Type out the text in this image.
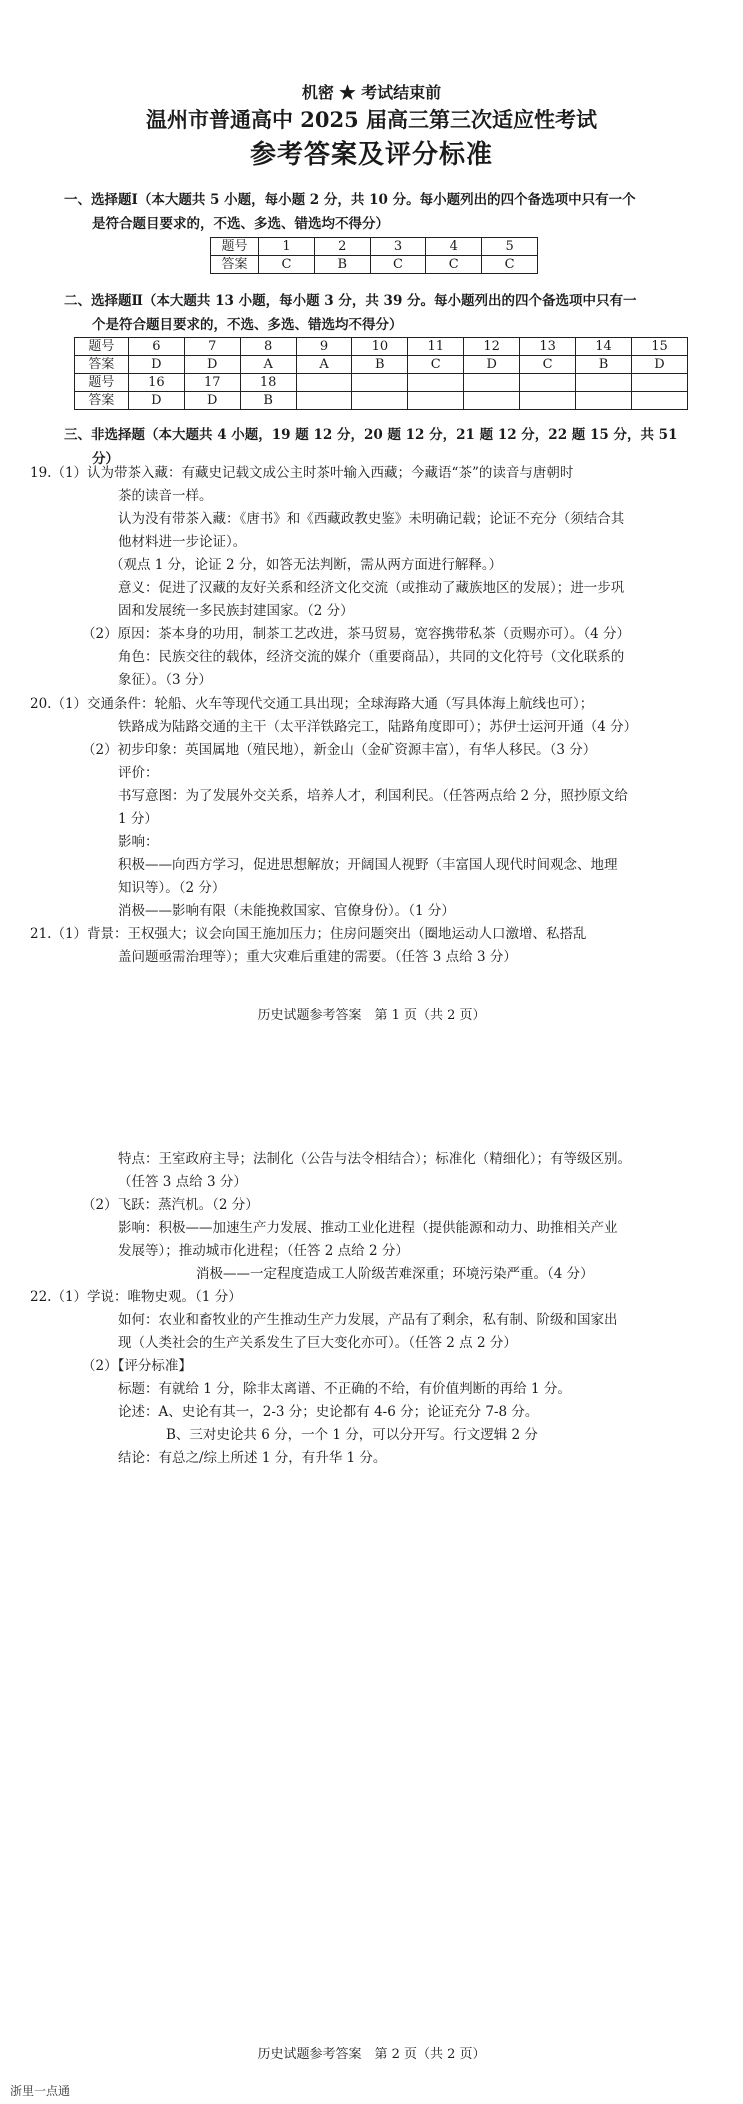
机密 ★ 考试结束前
温州市普通高中 2025 届高三第三次适应性考试
参考答案及评分标准
一、选择题Ⅰ（本大题共 5 小题，每小题 2 分，共 10 分。每小题列出的四个备选项中只有一个
是符合题目要求的，不选、多选、错选均不得分）
题号	1	2	3	4	5
答案	C	B	C	C	C
二、选择题Ⅱ（本大题共 13 小题，每小题 3 分，共 39 分。每小题列出的四个备选项中只有一
个是符合题目要求的，不选、多选、错选均不得分）
题号	6	7	8	9	10	11	12	13	14	15
答案	D	D	A	A	B	C	D	C	B	D
题号	16	17	18							
答案	D	D	B							
三、非选择题（本大题共 4 小题，19 题 12 分，20 题 12 分，21 题 12 分，22 题 15 分，共 51
分）
19.（1）认为带茶入藏：有藏史记载文成公主时茶叶输入西藏；今藏语“茶”的读音与唐朝时
茶的读音一样。
认为没有带茶入藏：《唐书》和《西藏政教史鉴》未明确记载；论证不充分（须结合其
他材料进一步论证）。
（观点 1 分，论证 2 分，如答无法判断，需从两方面进行解释。）
意义：促进了汉藏的友好关系和经济文化交流（或推动了藏族地区的发展）；进一步巩
固和发展统一多民族封建国家。（2 分）
（2）原因：茶本身的功用，制茶工艺改进，茶马贸易，宽容携带私茶（贡赐亦可）。（4 分）
角色：民族交往的载体，经济交流的媒介（重要商品），共同的文化符号（文化联系的
象征）。（3 分）
20.（1）交通条件：轮船、火车等现代交通工具出现；全球海路大通（写具体海上航线也可）；
铁路成为陆路交通的主干（太平洋铁路完工，陆路角度即可）；苏伊士运河开通（4 分）
（2）初步印象：英国属地（殖民地），新金山（金矿资源丰富），有华人移民。（3 分）
评价：
书写意图：为了发展外交关系，培养人才，利国利民。（任答两点给 2 分，照抄原文给
1 分）
影响：
积极——向西方学习，促进思想解放；开阔国人视野（丰富国人现代时间观念、地理
知识等）。（2 分）
消极——影响有限（未能挽救国家、官僚身份）。（1 分）
21.（1）背景：王权强大；议会向国王施加压力；住房问题突出（圈地运动人口激增、私搭乱
盖问题亟需治理等）；重大灾难后重建的需要。（任答 3 点给 3 分）
历史试题参考答案　第 1 页（共 2 页）
特点：王室政府主导；法制化（公告与法令相结合）；标准化（精细化）；有等级区别。
（任答 3 点给 3 分）
（2）飞跃：蒸汽机。（2 分）
影响：积极——加速生产力发展、推动工业化进程（提供能源和动力、助推相关产业
发展等）；推动城市化进程；（任答 2 点给 2 分）
消极——一定程度造成工人阶级苦难深重；环境污染严重。（4 分）
22.（1）学说：唯物史观。（1 分）
如何：农业和畜牧业的产生推动生产力发展，产品有了剩余，私有制、阶级和国家出
现（人类社会的生产关系发生了巨大变化亦可）。（任答 2 点 2 分）
（2）【评分标准】
标题：有就给 1 分，除非太离谱、不正确的不给，有价值判断的再给 1 分。
论述：A、史论有其一，2-3 分；史论都有 4-6 分；论证充分 7-8 分。
B、三对史论共 6 分，一个 1 分，可以分开写。行文逻辑 2 分
结论：有总之/综上所述 1 分，有升华 1 分。
历史试题参考答案　第 2 页（共 2 页）
浙里一点通
